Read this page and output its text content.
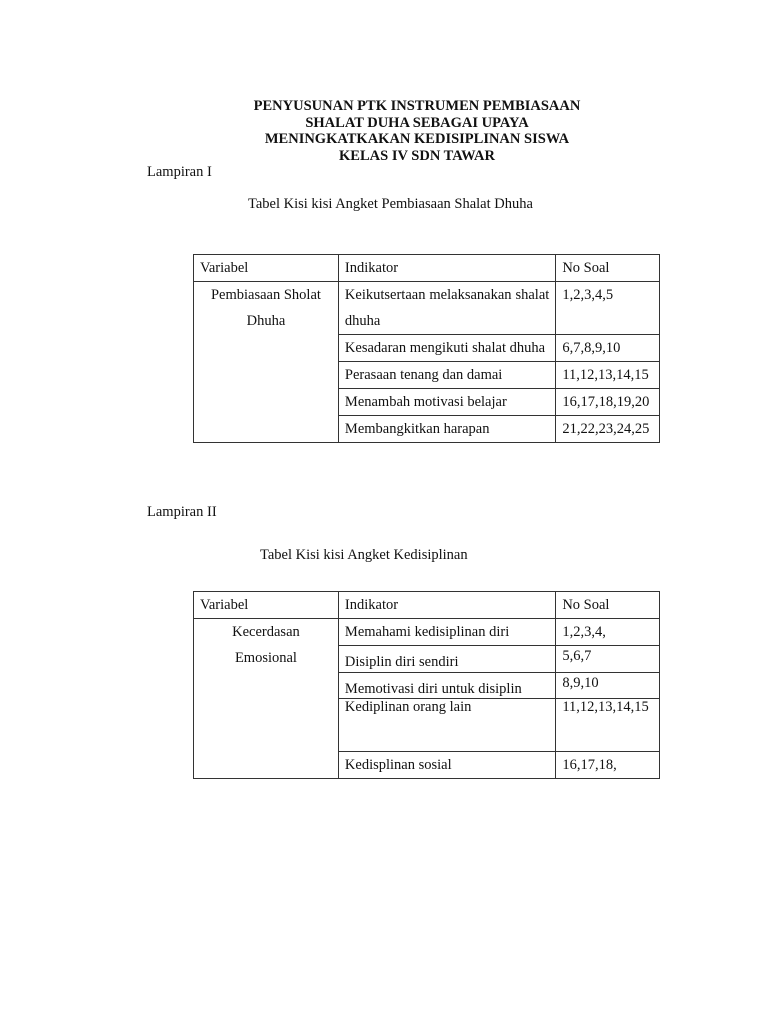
PENYUSUNAN PTK INSTRUMEN PEMBIASAAN
SHALAT DUHA SEBAGAI UPAYA
MENINGKATKAKAN KEDISIPLINAN SISWA
KELAS IV SDN TAWAR
Lampiran I
Tabel Kisi kisi Angket Pembiasaan Shalat Dhuha
Variabel	Indikator	No Soal
Pembiasaan Sholat Dhuha	Keikutsertaan melaksanakan shalat dhuha	1,2,3,4,5
	Kesadaran mengikuti shalat dhuha	6,7,8,9,10
	Perasaan tenang dan damai	11,12,13,14,15
	Menambah motivasi belajar	16,17,18,19,20
	Membangkitkan harapan	21,22,23,24,25
Lampiran II
Tabel Kisi kisi Angket Kedisiplinan
Variabel	Indikator	No Soal
Kecerdasan Emosional	Memahami kedisiplinan diri	1,2,3,4,
	Disiplin diri sendiri	5,6,7
	Memotivasi diri untuk disiplin	8,9,10
	Kediplinan orang lain	11,12,13,14,15
	Kedisplinan sosial	16,17,18,
